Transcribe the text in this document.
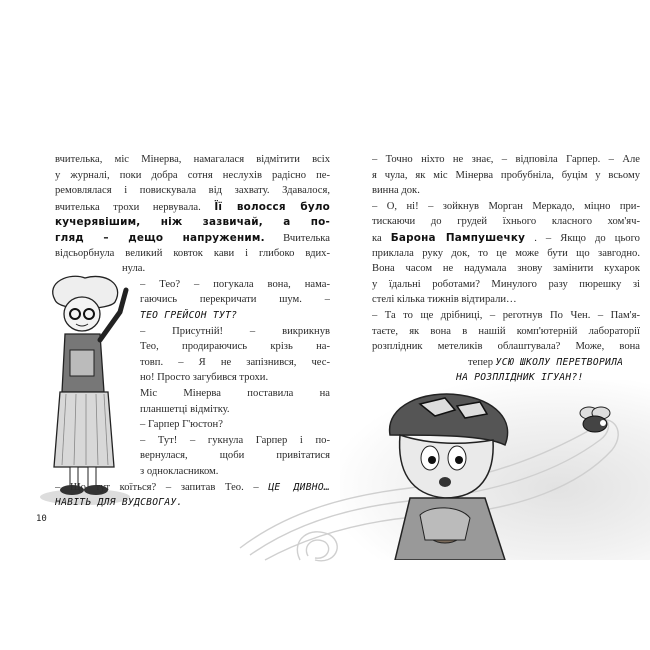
вчителька, міс Мінерва, намагалася відмітити всіх
у журналі, поки добра сотня неслухів радісно пе-
ремовлялася і повискувала від захвату. Здавалося,
вчителька трохи нервувала. Її волосся було
кучерявішим, ніж зазвичай, а по-
гляд – дещо напруженим. Вчителька
відсьорбнула великий ковток кави і глибоко вдих-
нула.
– Тео? – погукала вона, нама-
гаючись перекричати шум. –
ТЕО ГРЕЙСОН ТУТ?
– Присутній! – викрикнув
Тео, продираючись крізь на-
товп. – Я не запізнився, чес-
но! Просто загубився трохи.
Міс Мінерва поставила на
планшетці відмітку.
– Гарпер Г'юстон?
– Тут! – гукнула Гарпер і по-
вернулася, щоби привітатися
з однокласником.
– Що тут коїться? – запитав Тео. – ЦЕ ДИВНО…
НАВІТЬ ДЛЯ ВУДСВОГАУ.
– Точно ніхто не знає, – відповіла Гарпер. – Але
я чула, як міс Мінерва пробубніла, буцім у всьому
винна док.
– О, ні! – зойкнув Морган Меркадо, міцно при-
тискаючи до грудей їхнього класного хом'яч-
ка Барона Пампушечку . – Якщо до цього
приклала руку док, то це може бути що завгодно.
Вона часом не надумала знову замінити кухарок
у їдальні роботами? Минулого разу пюрешку зі
стелі кілька тижнів відтирали…
– Та то ще дрібниці, – реготнув По Чен. – Пам'я-
таєте, як вона в нашій комп'ютерній лабораторії
розплідник метеликів облаштувала? Може, вона
тепер УСЮ ШКОЛУ ПЕРЕТВОРИЛА
НА РОЗПЛІДНИК ІГУАН?!
10
